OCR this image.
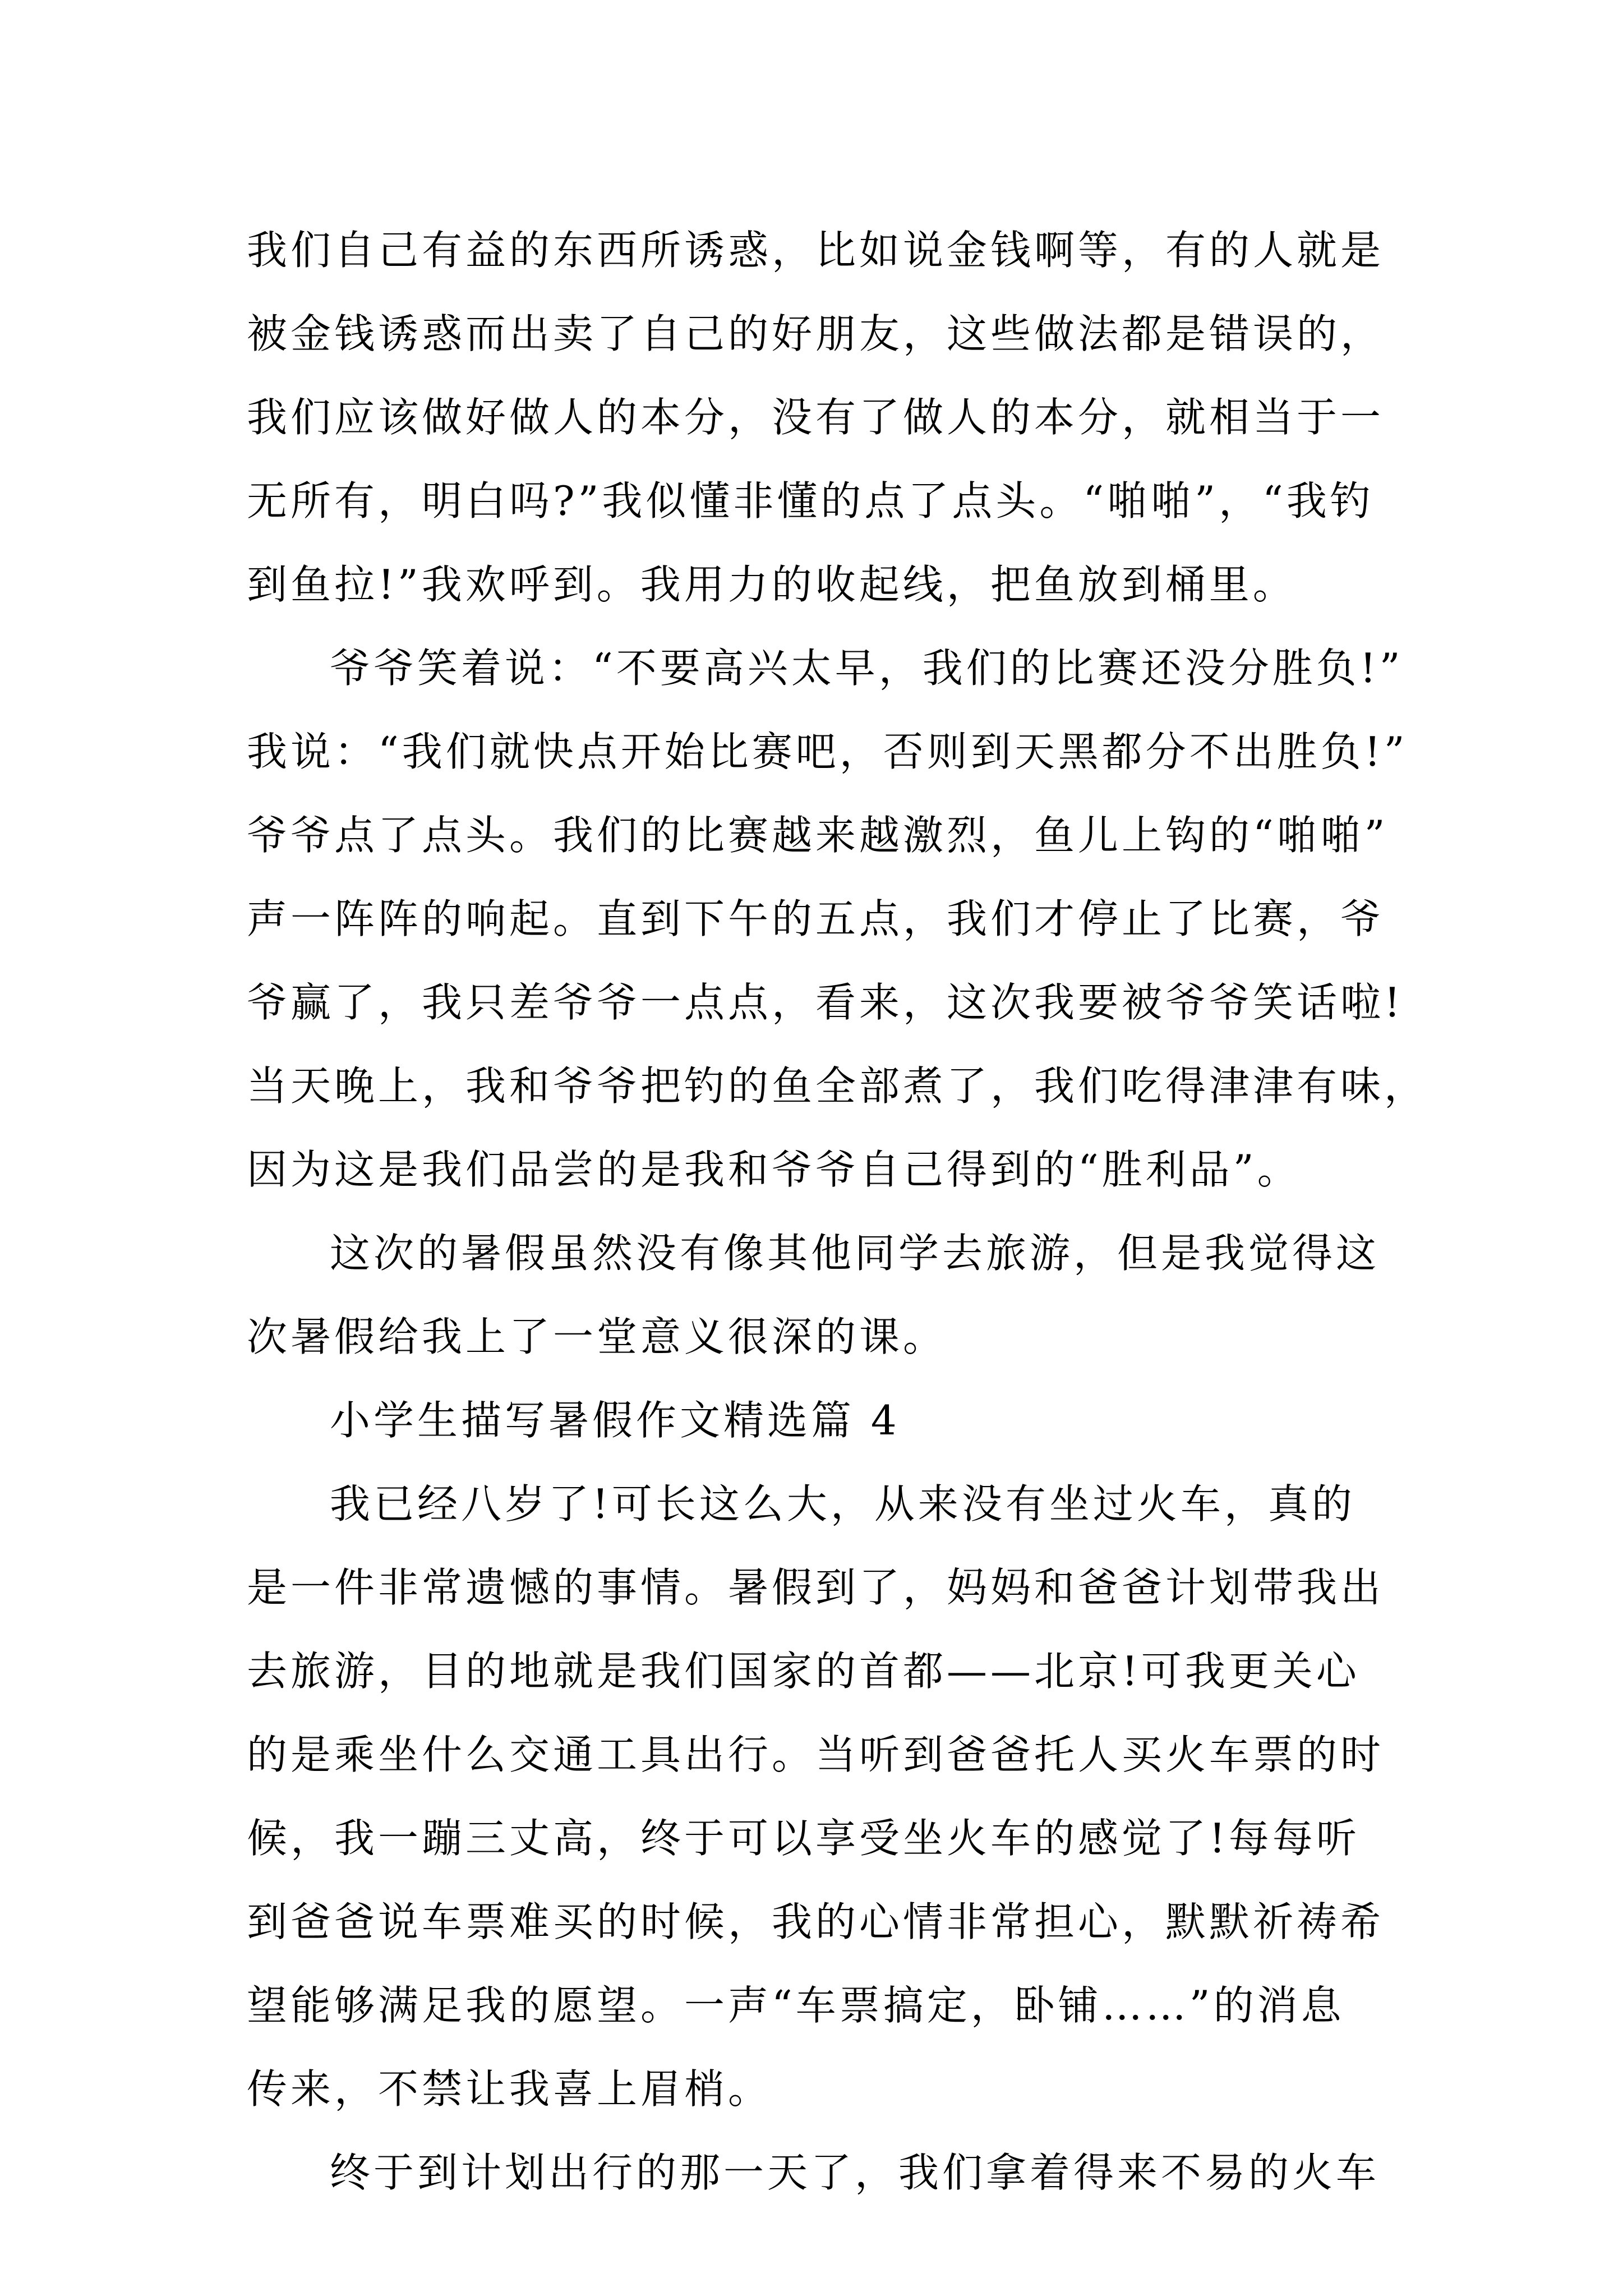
我们自己有益的东西所诱惑，比如说金钱啊等，有的人就是
被金钱诱惑而出卖了自己的好朋友，这些做法都是错误的，
我们应该做好做人的本分，没有了做人的本分，就相当于一
无所有，明白吗?”我似懂非懂的点了点头。“啪啪”，“我钓
到鱼拉!”我欢呼到。我用力的收起线，把鱼放到桶里。
爷爷笑着说：“不要高兴太早，我们的比赛还没分胜负!”
我说：“我们就快点开始比赛吧，否则到天黑都分不出胜负!”
爷爷点了点头。我们的比赛越来越激烈，鱼儿上钩的“啪啪”
声一阵阵的响起。直到下午的五点，我们才停止了比赛，爷
爷赢了，我只差爷爷一点点，看来，这次我要被爷爷笑话啦!
当天晚上，我和爷爷把钓的鱼全部煮了，我们吃得津津有味，
因为这是我们品尝的是我和爷爷自己得到的“胜利品”。
这次的暑假虽然没有像其他同学去旅游，但是我觉得这
次暑假给我上了一堂意义很深的课。
小学生描写暑假作文精选篇 4
我已经八岁了!可长这么大，从来没有坐过火车，真的
是一件非常遗憾的事情。暑假到了，妈妈和爸爸计划带我出
去旅游，目的地就是我们国家的首都——北京!可我更关心
的是乘坐什么交通工具出行。当听到爸爸托人买火车票的时
候，我一蹦三丈高，终于可以享受坐火车的感觉了!每每听
到爸爸说车票难买的时候，我的心情非常担心，默默祈祷希
望能够满足我的愿望。一声“车票搞定，卧铺……”的消息
传来，不禁让我喜上眉梢。
终于到计划出行的那一天了，我们拿着得来不易的火车
